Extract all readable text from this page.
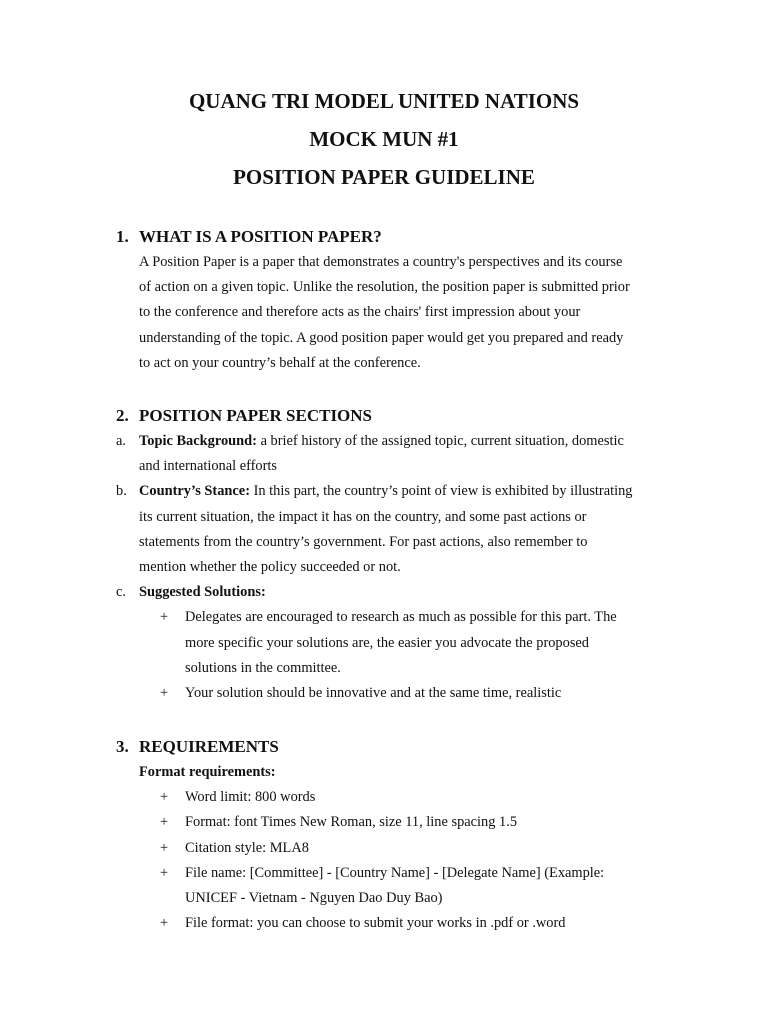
QUANG TRI MODEL UNITED NATIONS
MOCK MUN #1
POSITION PAPER GUIDELINE
1. WHAT IS A POSITION PAPER?
A Position Paper is a paper that demonstrates a country's perspectives and its course
of action on a given topic. Unlike the resolution, the position paper is submitted prior
to the conference and therefore acts as the chairs' first impression about your
understanding of the topic. A good position paper would get you prepared and ready
to act on your country’s behalf at the conference.
2. POSITION PAPER SECTIONS
a. Topic Background: a brief history of the assigned topic, current situation, domestic
and international efforts
b. Country’s Stance: In this part, the country’s point of view is exhibited by illustrating
its current situation, the impact it has on the country, and some past actions or
statements from the country’s government. For past actions, also remember to
mention whether the policy succeeded or not.
c. Suggested Solutions:
+ Delegates are encouraged to research as much as possible for this part. The
more specific your solutions are, the easier you advocate the proposed
solutions in the committee.
+ Your solution should be innovative and at the same time, realistic
3. REQUIREMENTS
Format requirements:
+ Word limit: 800 words
+ Format: font Times New Roman, size 11, line spacing 1.5
+ Citation style: MLA8
+ File name: [Committee] - [Country Name] - [Delegate Name] (Example:
UNICEF - Vietnam - Nguyen Dao Duy Bao)
+ File format: you can choose to submit your works in .pdf or .word
